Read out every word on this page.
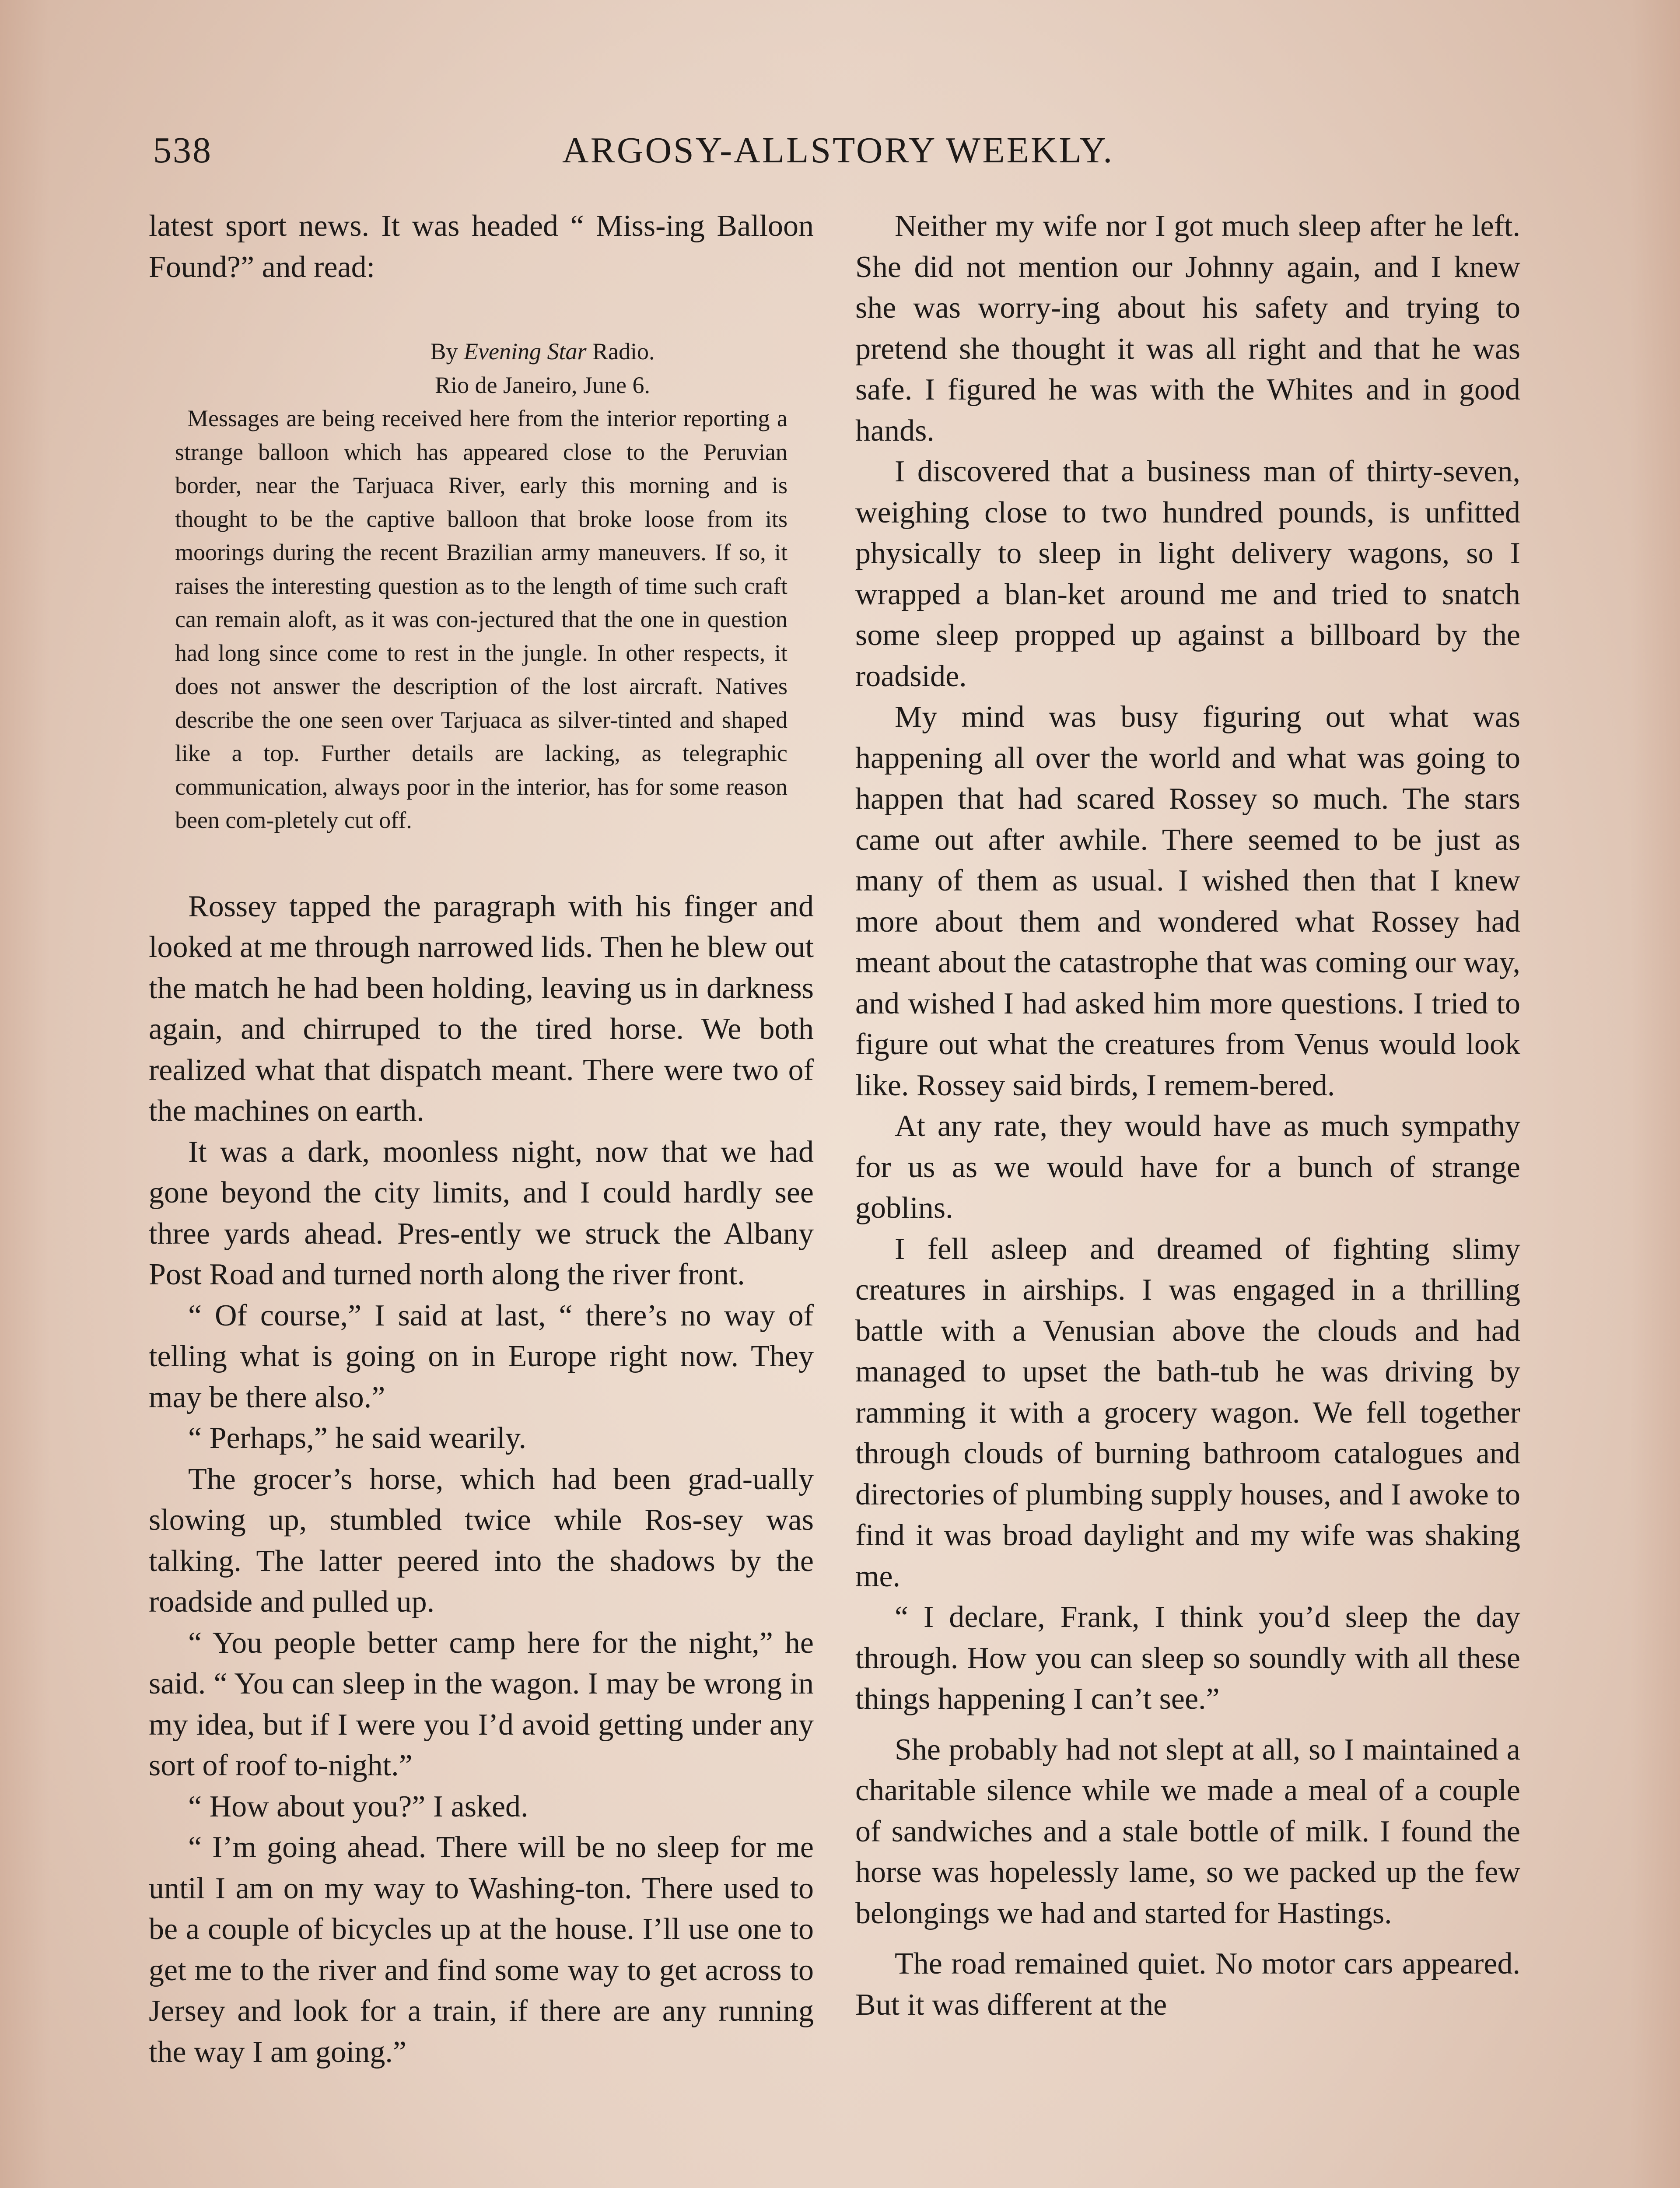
538	ARGOSY-ALLSTORY WEEKLY.

latest sport news. It was headed “ Miss-ing Balloon Found?” and read:

By Evening Star Radio.

Rio de Janeiro, June 6.

Messages are being received here from the interior reporting a strange balloon which has appeared close to the Peruvian border, near the Tarjuaca River, early this morning and is thought to be the captive balloon that broke loose from its moorings during the recent Brazilian army maneuvers. If so, it raises the interesting question as to the length of time such craft can remain aloft, as it was con-jectured that the one in question had long since come to rest in the jungle. In other respects, it does not answer the description of the lost aircraft. Natives describe the one seen over Tarjuaca as silver-tinted and shaped like a top. Further details are lacking, as telegraphic communication, always poor in the interior, has for some reason been com-pletely cut off.

Rossey tapped the paragraph with his finger and looked at me through narrowed lids. Then he blew out the match he had been holding, leaving us in darkness again, and chirruped to the tired horse. We both realized what that dispatch meant. There were two of the machines on earth.

It was a dark, moonless night, now that we had gone beyond the city limits, and I could hardly see three yards ahead. Pres-ently we struck the Albany Post Road and turned north along the river front.

“ Of course,” I said at last, “ there’s no way of telling what is going on in Europe right now. They may be there also.”

“ Perhaps,” he said wearily.

The grocer’s horse, which had been grad-ually slowing up, stumbled twice while Ros-sey was talking. The latter peered into the shadows by the roadside and pulled up.

“ You people better camp here for the night,” he said. “ You can sleep in the wagon. I may be wrong in my idea, but if I were you I’d avoid getting under any sort of roof to-night.”

“ How about you?” I asked.

“ I’m going ahead. There will be no sleep for me until I am on my way to Washing-ton. There used to be a couple of bicycles up at the house. I’ll use one to get me to the river and find some way to get across to Jersey and look for a train, if there are any running the way I am going.”

Neither my wife nor I got much sleep after he left. She did not mention our Johnny again, and I knew she was worry-ing about his safety and trying to pretend she thought it was all right and that he was safe. I figured he was with the Whites and in good hands.

I discovered that a business man of thirty-seven, weighing close to two hundred pounds, is unfitted physically to sleep in light delivery wagons, so I wrapped a blan-ket around me and tried to snatch some sleep propped up against a billboard by the roadside.

My mind was busy figuring out what was happening all over the world and what was going to happen that had scared Rossey so much. The stars came out after awhile. There seemed to be just as many of them as usual. I wished then that I knew more about them and wondered what Rossey had meant about the catastrophe that was coming our way, and wished I had asked him more questions. I tried to figure out what the creatures from Venus would look like. Rossey said birds, I remem-bered.

At any rate, they would have as much sympathy for us as we would have for a bunch of strange goblins.

I fell asleep and dreamed of fighting slimy creatures in airships. I was engaged in a thrilling battle with a Venusian above the clouds and had managed to upset the bath-tub he was driving by ramming it with a grocery wagon. We fell together through clouds of burning bathroom catalogues and directories of plumbing supply houses, and I awoke to find it was broad daylight and my wife was shaking me.

“ I declare, Frank, I think you’d sleep the day through. How you can sleep so soundly with all these things happening I can’t see.”

She probably had not slept at all, so I maintained a charitable silence while we made a meal of a couple of sandwiches and a stale bottle of milk. I found the horse was hopelessly lame, so we packed up the few belongings we had and started for Hastings.

The road remained quiet. No motor cars appeared. But it was different at the
